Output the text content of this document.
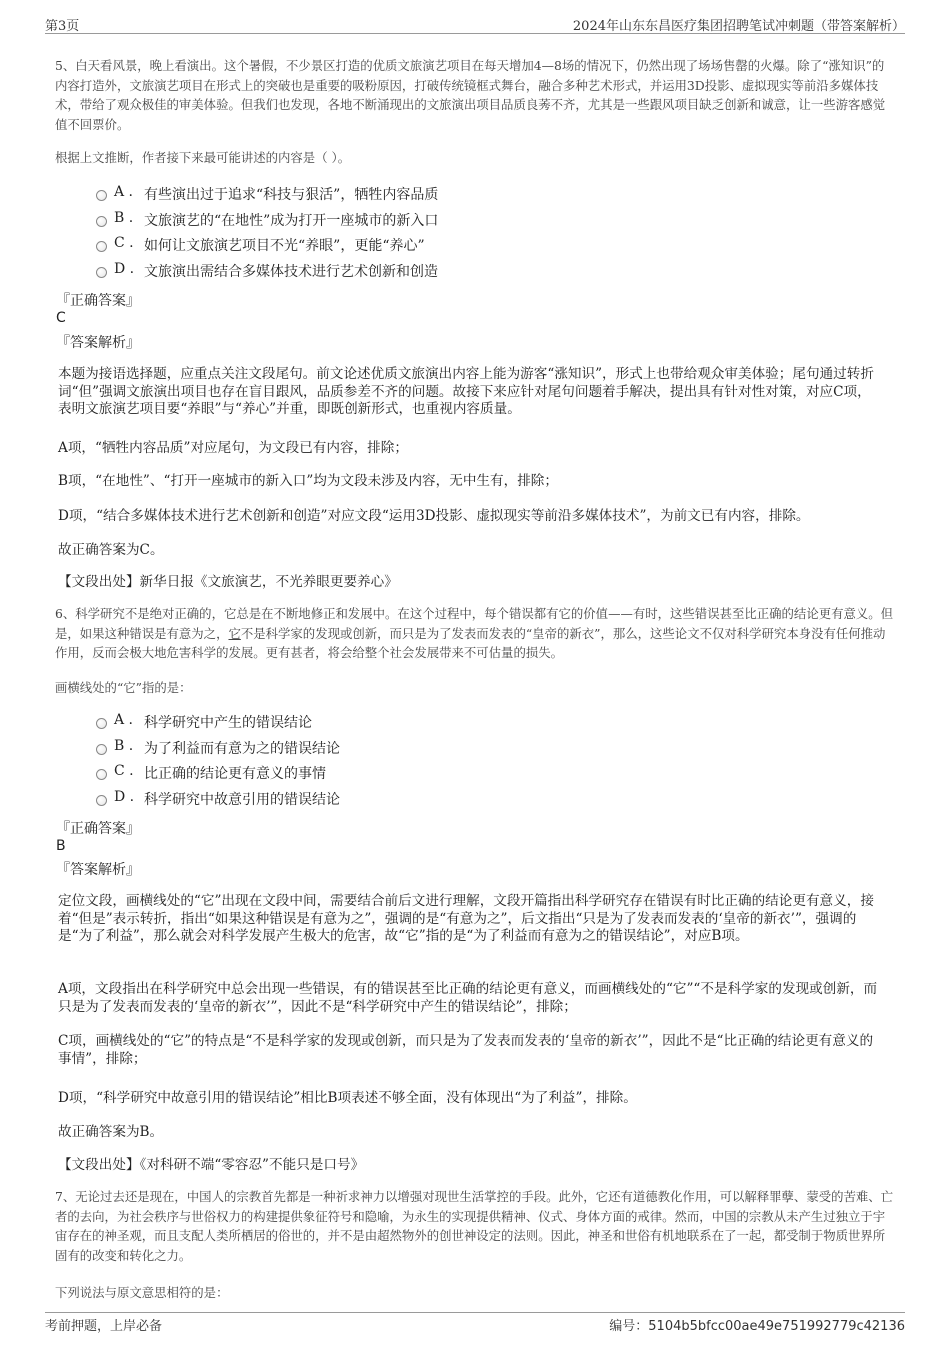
第3页	2024年山东东昌医疗集团招聘笔试冲刺题（带答案解析）
5、白天看风景，晚上看演出。这个暑假，不少景区打造的优质文旅演艺项目在每天增加4—8场的情况下，仍然出现了场场售罄的火爆。除了“涨知识”的内容打造外，文旅演艺项目在形式上的突破也是重要的吸粉原因，打破传统镜框式舞台，融合多种艺术形式，并运用3D投影、虚拟现实等前沿多媒体技术，带给了观众极佳的审美体验。但我们也发现，各地不断涌现出的文旅演出项目品质良莠不齐，尤其是一些跟风项目缺乏创新和诚意，让一些游客感觉值不回票价。
根据上文推断，作者接下来最可能讲述的内容是（ ）。
A . 有些演出过于追求“科技与狠活”，牺牲内容品质
B . 文旅演艺的“在地性”成为打开一座城市的新入口
C . 如何让文旅演艺项目不光“养眼”，更能“养心”
D . 文旅演出需结合多媒体技术进行艺术创新和创造
『正确答案』
C
『答案解析』
本题为接语选择题，应重点关注文段尾句。前文论述优质文旅演出内容上能为游客“涨知识”，形式上也带给观众审美体验；尾句通过转折词“但”强调文旅演出项目也存在盲目跟风，品质参差不齐的问题。故接下来应针对尾句问题着手解决，提出具有针对性对策，对应C项，表明文旅演艺项目要“养眼”与“养心”并重，即既创新形式，也重视内容质量。
A项，“牺牲内容品质”对应尾句，为文段已有内容，排除；
B项，“在地性”、“打开一座城市的新入口”均为文段未涉及内容，无中生有，排除；
D项，“结合多媒体技术进行艺术创新和创造”对应文段“运用3D投影、虚拟现实等前沿多媒体技术”，为前文已有内容，排除。
故正确答案为C。
【文段出处】新华日报《文旅演艺，不光养眼更要养心》
6、科学研究不是绝对正确的，它总是在不断地修正和发展中。在这个过程中，每个错误都有它的价值——有时，这些错误甚至比正确的结论更有意义。但是，如果这种错误是有意为之，它不是科学家的发现或创新，而只是为了发表而发表的“皇帝的新衣”，那么，这些论文不仅对科学研究本身没有任何推动作用，反而会极大地危害科学的发展。更有甚者，将会给整个社会发展带来不可估量的损失。
画横线处的“它”指的是：
A . 科学研究中产生的错误结论
B . 为了利益而有意为之的错误结论
C . 比正确的结论更有意义的事情
D . 科学研究中故意引用的错误结论
『正确答案』
B
『答案解析』
定位文段，画横线处的“它”出现在文段中间，需要结合前后文进行理解，文段开篇指出科学研究存在错误有时比正确的结论更有意义，接着“但是”表示转折，指出“如果这种错误是有意为之”，强调的是“有意为之”，后文指出“只是为了发表而发表的‘皇帝的新衣’”，强调的是“为了利益”，那么就会对科学发展产生极大的危害，故“它”指的是“为了利益而有意为之的错误结论”，对应B项。
A项，文段指出在科学研究中总会出现一些错误，有的错误甚至比正确的结论更有意义，而画横线处的“它”“不是科学家的发现或创新，而只是为了发表而发表的‘皇帝的新衣’”，因此不是“科学研究中产生的错误结论”，排除；
C项，画横线处的“它”的特点是“不是科学家的发现或创新，而只是为了发表而发表的‘皇帝的新衣’”，因此不是“比正确的结论更有意义的事情”，排除；
D项，“科学研究中故意引用的错误结论”相比B项表述不够全面，没有体现出“为了利益”，排除。
故正确答案为B。
【文段出处】《对科研不端“零容忍”不能只是口号》
7、无论过去还是现在，中国人的宗教首先都是一种祈求神力以增强对现世生活掌控的手段。此外，它还有道德教化作用，可以解释罪孽、蒙受的苦难、亡者的去向，为社会秩序与世俗权力的构建提供象征符号和隐喻，为永生的实现提供精神、仪式、身体方面的戒律。然而，中国的宗教从未产生过独立于宇宙存在的神圣观，而且支配人类所栖居的俗世的，并不是由超然物外的创世神设定的法则。因此，神圣和世俗有机地联系在了一起，都受制于物质世界所固有的改变和转化之力。
下列说法与原文意思相符的是：
考前押题，上岸必备	编号：5104b5bfcc00ae49e751992779c42136
